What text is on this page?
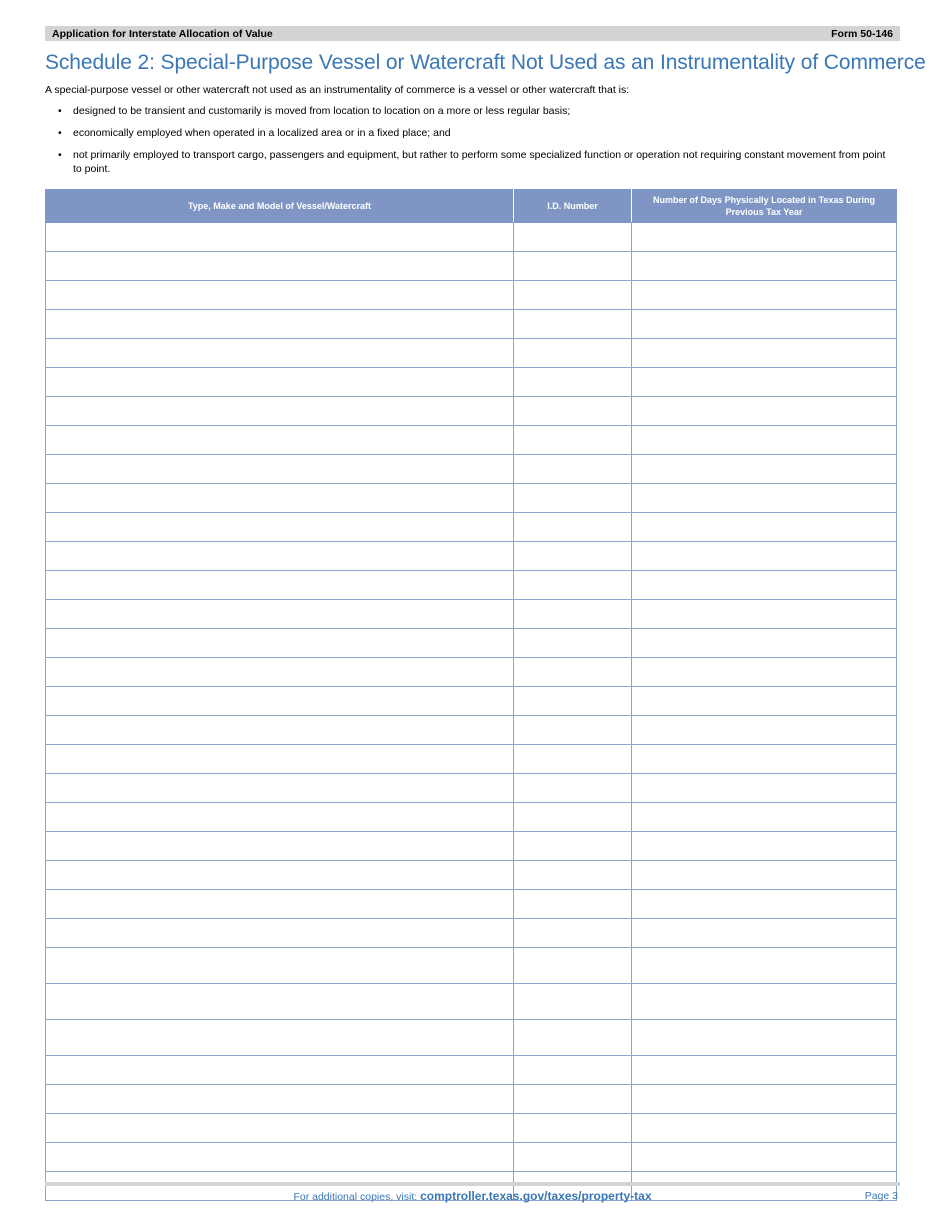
Application for Interstate Allocation of Value	Form 50-146
Schedule 2: Special-Purpose Vessel or Watercraft Not Used as an Instrumentality of Commerce
A special-purpose vessel or other watercraft not used as an instrumentality of commerce is a vessel or other watercraft that is:
• designed to be transient and customarily is moved from location to location on a more or less regular basis;
• economically employed when operated in a localized area or in a fixed place; and
• not primarily employed to transport cargo, passengers and equipment, but rather to perform some specialized function or operation not requiring constant movement from point to point.
Type, Make and Model of Vessel/Watercraft	I.D. Number	Number of Days Physically Located in Texas During Previous Tax Year

For additional copies, visit: comptroller.texas.gov/taxes/property-tax	Page 3
